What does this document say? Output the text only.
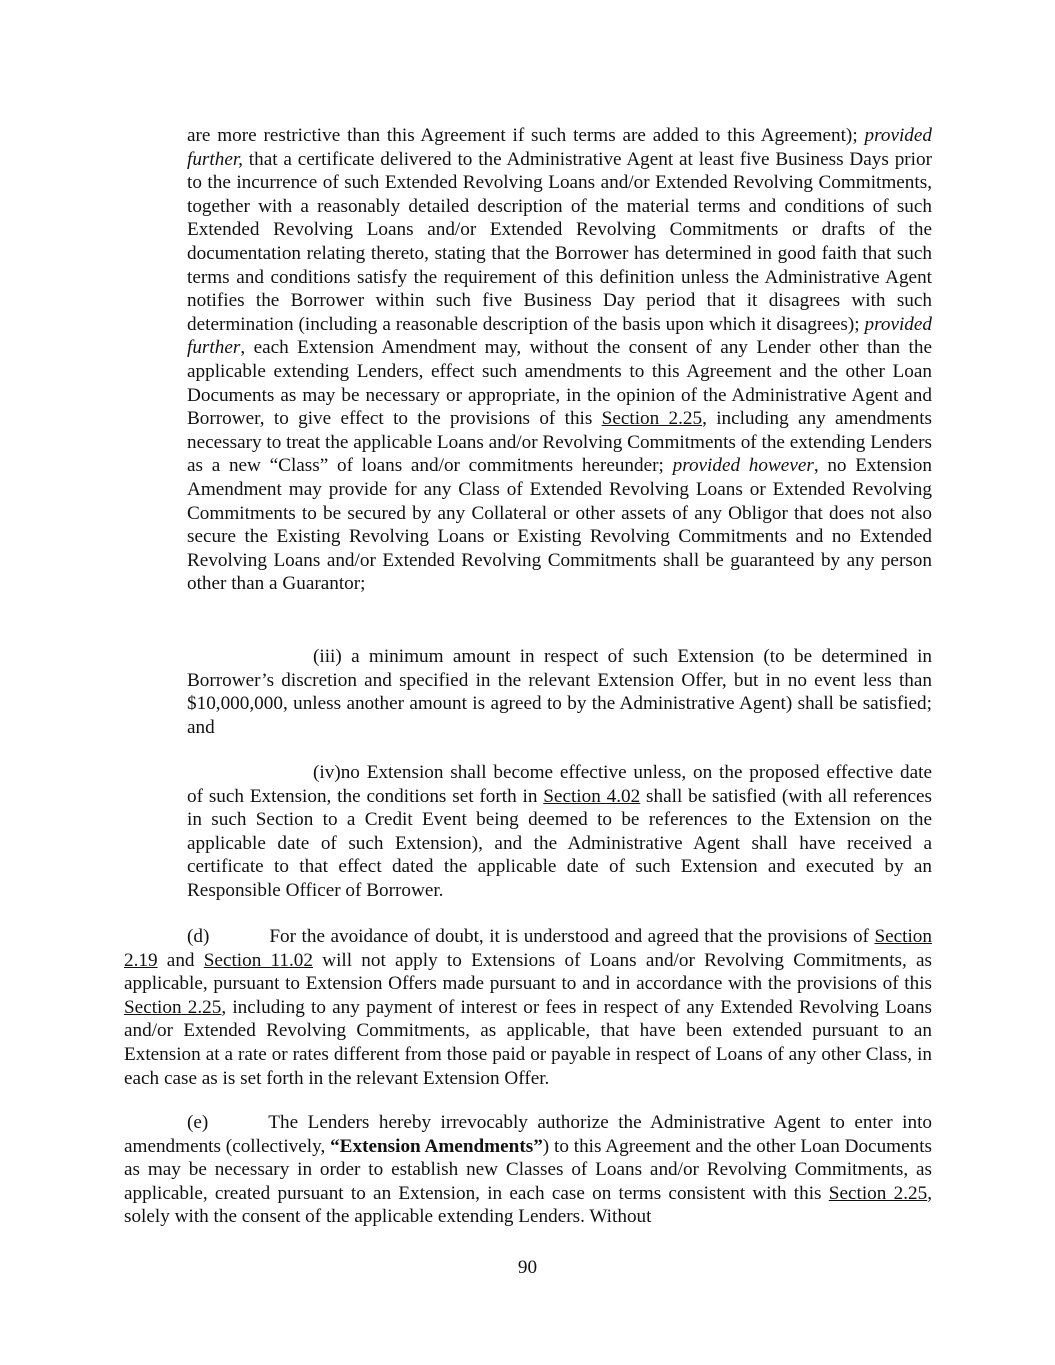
are more restrictive than this Agreement if such terms are added to this Agreement); provided further, that a certificate delivered to the Administrative Agent at least five Business Days prior to the incurrence of such Extended Revolving Loans and/or Extended Revolving Commitments, together with a reasonably detailed description of the material terms and conditions of such Extended Revolving Loans and/or Extended Revolving Commitments or drafts of the documentation relating thereto, stating that the Borrower has determined in good faith that such terms and conditions satisfy the requirement of this definition unless the Administrative Agent notifies the Borrower within such five Business Day period that it disagrees with such determination (including a reasonable description of the basis upon which it disagrees); provided further, each Extension Amendment may, without the consent of any Lender other than the applicable extending Lenders, effect such amendments to this Agreement and the other Loan Documents as may be necessary or appropriate, in the opinion of the Administrative Agent and Borrower, to give effect to the provisions of this Section 2.25, including any amendments necessary to treat the applicable Loans and/or Revolving Commitments of the extending Lenders as a new “Class” of loans and/or commitments hereunder; provided however, no Extension Amendment may provide for any Class of Extended Revolving Loans or Extended Revolving Commitments to be secured by any Collateral or other assets of any Obligor that does not also secure the Existing Revolving Loans or Existing Revolving Commitments and no Extended Revolving Loans and/or Extended Revolving Commitments shall be guaranteed by any person other than a Guarantor;

(iii) a minimum amount in respect of such Extension (to be determined in Borrower’s discretion and specified in the relevant Extension Offer, but in no event less than $10,000,000, unless another amount is agreed to by the Administrative Agent) shall be satisfied; and

(iv)no Extension shall become effective unless, on the proposed effective date of such Extension, the conditions set forth in Section 4.02 shall be satisfied (with all references in such Section to a Credit Event being deemed to be references to the Extension on the applicable date of such Extension), and the Administrative Agent shall have received a certificate to that effect dated the applicable date of such Extension and executed by an Responsible Officer of Borrower.

(d)	For the avoidance of doubt, it is understood and agreed that the provisions of Section 2.19 and Section 11.02 will not apply to Extensions of Loans and/or Revolving Commitments, as applicable, pursuant to Extension Offers made pursuant to and in accordance with the provisions of this Section 2.25, including to any payment of interest or fees in respect of any Extended Revolving Loans and/or Extended Revolving Commitments, as applicable, that have been extended pursuant to an Extension at a rate or rates different from those paid or payable in respect of Loans of any other Class, in each case as is set forth in the relevant Extension Offer.

(e)	The Lenders hereby irrevocably authorize the Administrative Agent to enter into amendments (collectively, “Extension Amendments”) to this Agreement and the other Loan Documents as may be necessary in order to establish new Classes of Loans and/or Revolving Commitments, as applicable, created pursuant to an Extension, in each case on terms consistent with this Section 2.25, solely with the consent of the applicable extending Lenders. Without

90
